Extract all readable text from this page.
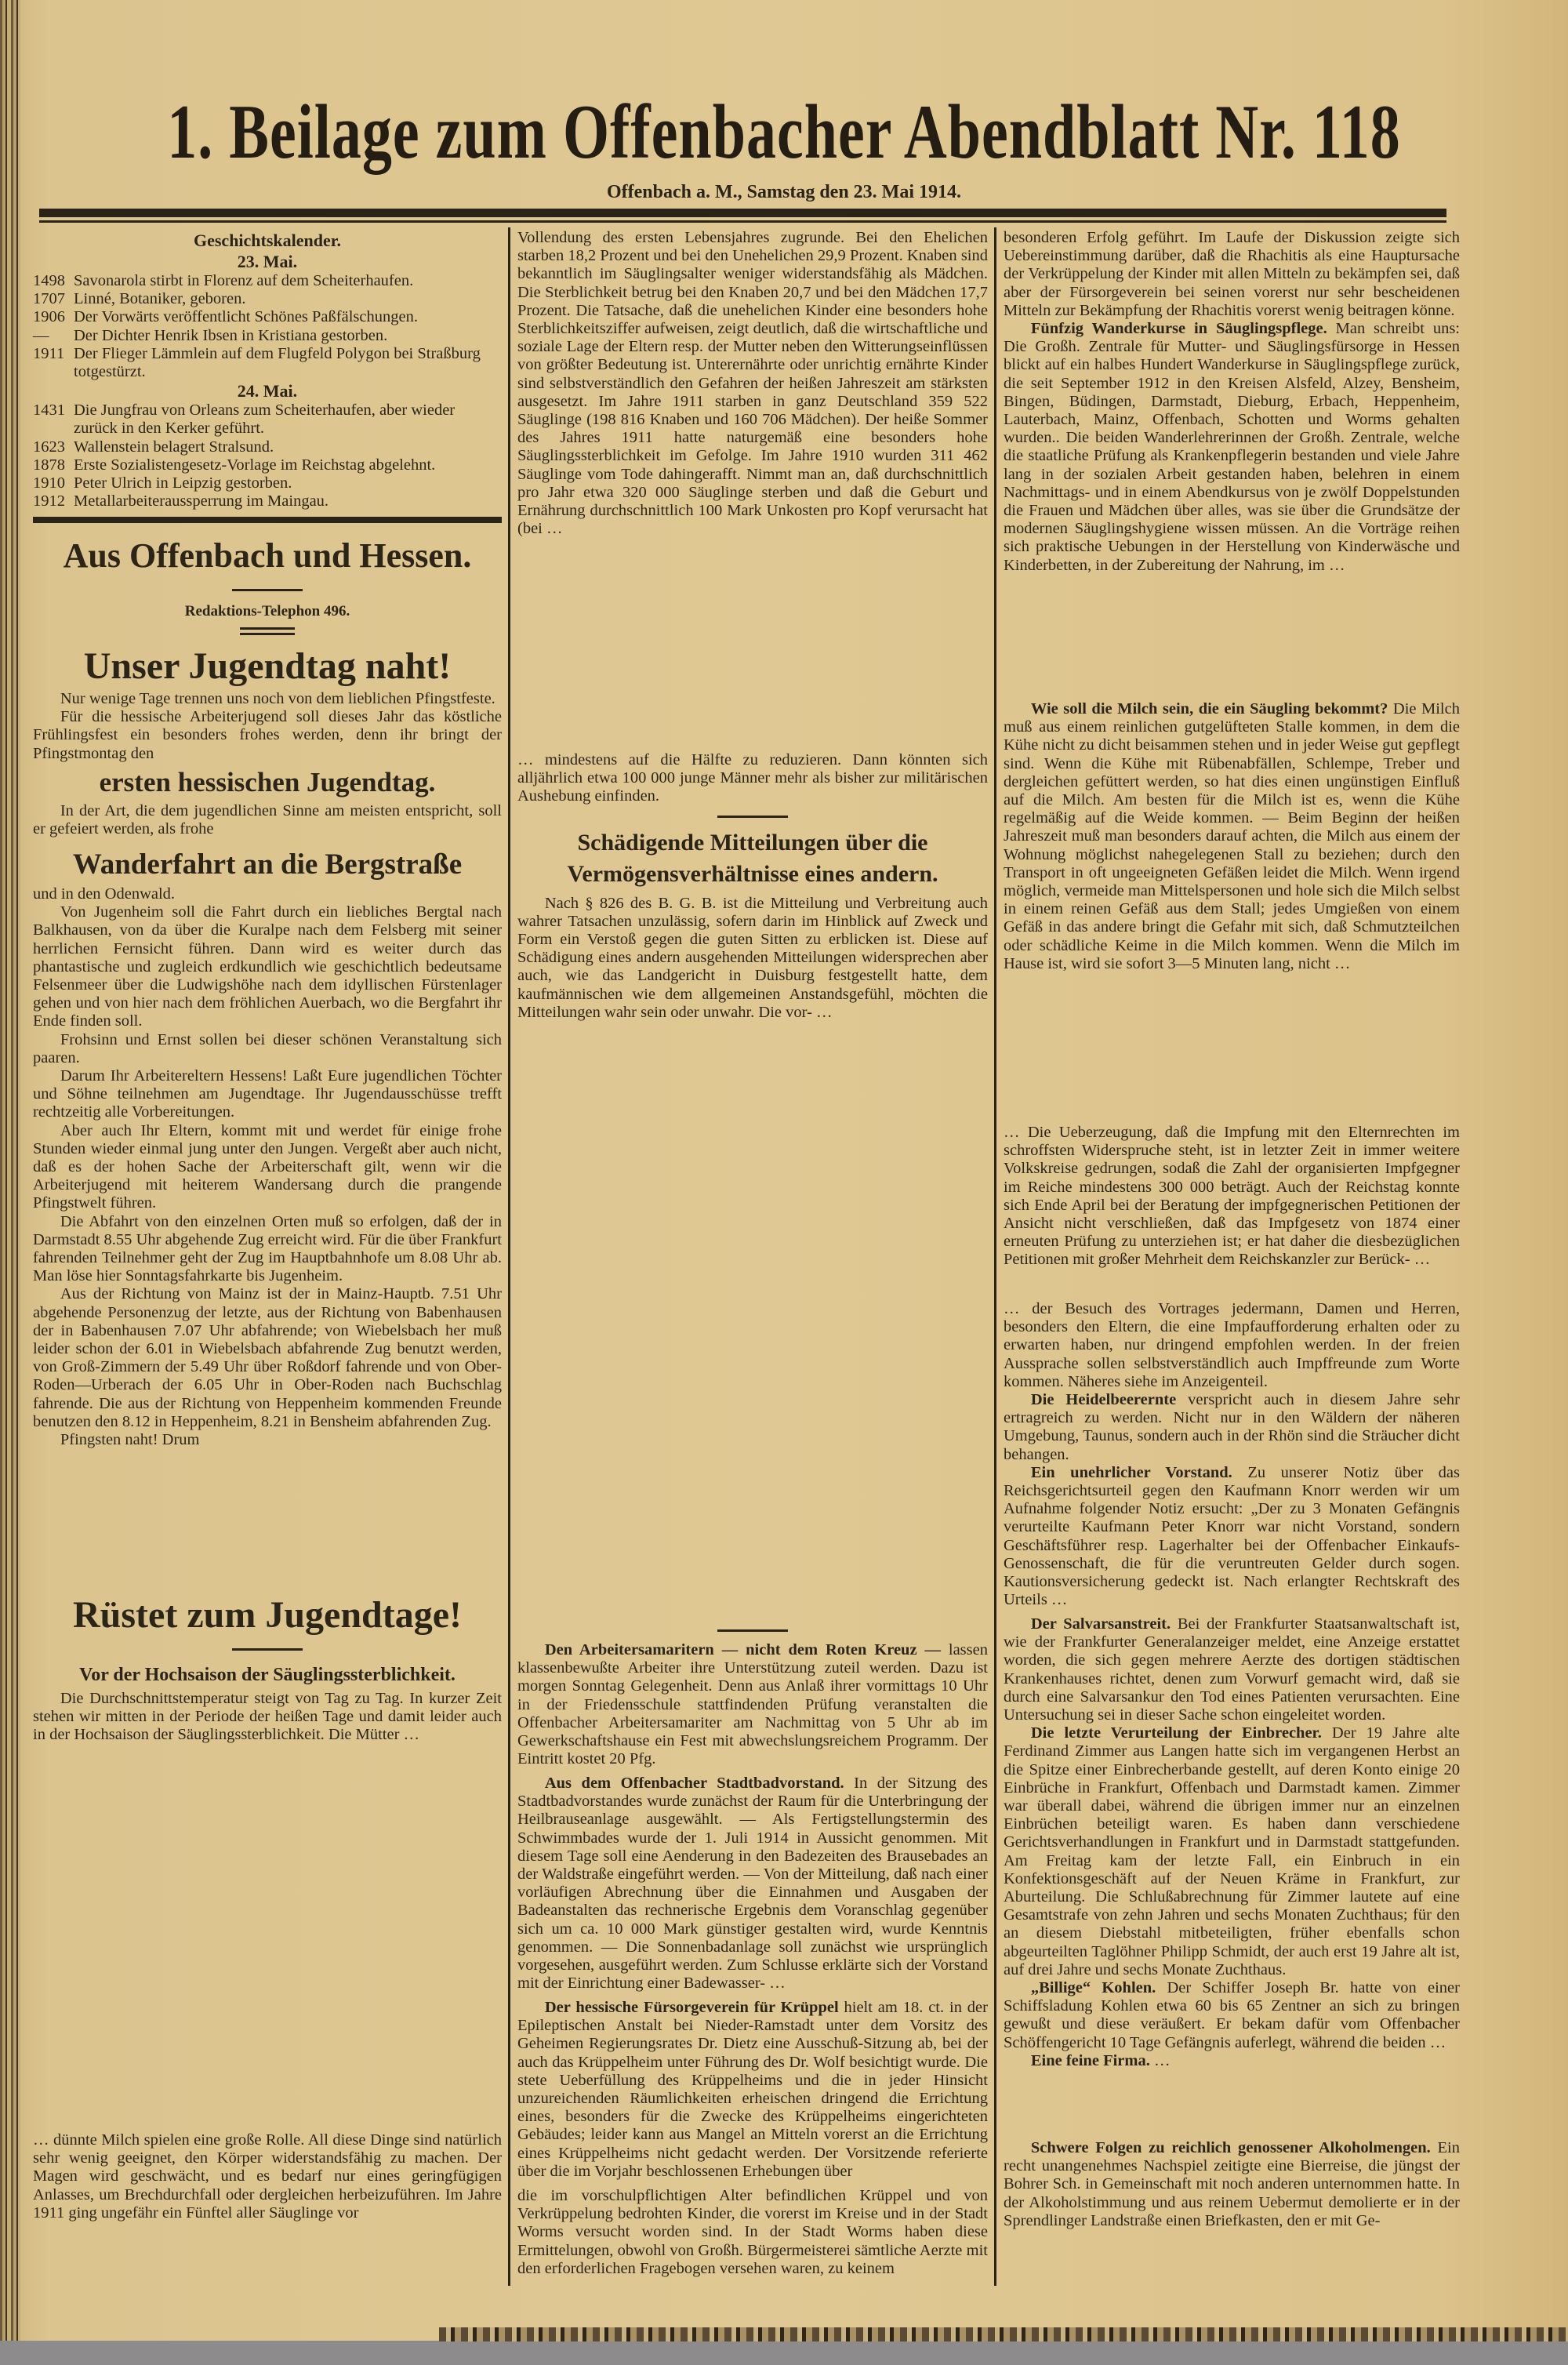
1. Beilage zum Offenbacher Abendblatt Nr. 118
Offenbach a. M., Samstag den 23. Mai 1914.
Geschichtskalender.
23. Mai.
1498 Savonarola stirbt in Florenz auf dem Scheiterhaufen.
1707 Linné, Botaniker, geboren.
1906 Der Vorwärts veröffentlicht Schönes Paßfälschungen.
— Der Dichter Henrik Ibsen in Kristiana gestorben.
1911 Der Flieger Lämmlein auf dem Flugfeld Polygon bei Straßburg totgestürzt.
24. Mai.
1431 Die Jungfrau von Orleans zum Scheiterhaufen, aber wieder zurück in den Kerker geführt.
1623 Wallenstein belagert Stralsund.
1878 Erste Sozialistengesetz-Vorlage im Reichstag abgelehnt.
1910 Peter Ulrich in Leipzig gestorben.
1912 Metallarbeiteraussperrung im Maingau.
Aus Offenbach und Hessen.
Redaktions-Telephon 496.
Unser Jugendtag naht!
Nur wenige Tage trennen uns noch von dem lieblichen Pfingstfeste.
Für die hessische Arbeiterjugend soll dieses Jahr das köstliche Frühlingsfest ein besonders frohes werden, denn ihr bringt der Pfingstmontag den
ersten hessischen Jugendtag.
In der Art, die dem jugendlichen Sinne am meisten entspricht, soll er gefeiert werden, als frohe
Wanderfahrt an die Bergstraße
und in den Odenwald.
Von Jugenheim soll die Fahrt durch ein liebliches Bergtal nach Balkhausen, von da über die Kuralpe nach dem Felsberg mit seiner herrlichen Fernsicht führen. Dann wird es weiter durch das phantastische und zugleich erdkundlich wie geschichtlich bedeutsame Felsenmeer über die Ludwigshöhe nach dem idyllischen Fürstenlager gehen und von hier nach dem fröhlichen Auerbach, wo die Bergfahrt ihr Ende finden soll.
Frohsinn und Ernst sollen bei dieser schönen Veranstaltung sich paaren.
Darum Ihr Arbeitereltern Hessens! Laßt Eure jugendlichen Töchter und Söhne teilnehmen am Jugendtage. Ihr Jugendausschüsse trefft rechtzeitig alle Vorbereitungen.
Aber auch Ihr Eltern, kommt mit und werdet für einige frohe Stunden wieder einmal jung unter den Jungen. Vergeßt aber auch nicht, daß es der hohen Sache der Arbeiterschaft gilt, wenn wir die Arbeiterjugend mit heiterem Wandersang durch die prangende Pfingstwelt führen.
Die Abfahrt von den einzelnen Orten muß so erfolgen, daß der in Darmstadt 8.55 Uhr abgehende Zug erreicht wird. Für die über Frankfurt fahrenden Teilnehmer geht der Zug im Hauptbahnhofe um 8.08 Uhr ab. Man löse hier Sonntagsfahrkarte bis Jugenheim.
Aus der Richtung von Mainz ist der in Mainz-Hauptb. 7.51 Uhr abgehende Personenzug der letzte, aus der Richtung von Babenhausen der in Babenhausen 7.07 Uhr abfahrende; von Wiebelsbach her muß leider schon der 6.01 in Wiebelsbach abfahrende Zug benutzt werden, von Groß-Zimmern der 5.49 Uhr über Roßdorf fahrende und von Ober-Roden—Urberach der 6.05 Uhr in Ober-Roden nach Buchschlag fahrende. Die aus der Richtung von Heppenheim kommenden Freunde benutzen den 8.12 in Heppenheim, 8.21 in Bensheim abfahrenden Zug.
Pfingsten naht! Drum
Rüstet zum Jugendtage!
Vor der Hochsaison der Säuglingssterblichkeit.
Die Durchschnittstemperatur steigt von Tag zu Tag. In kurzer Zeit stehen wir mitten in der Periode der heißen Tage und damit leider auch in der Hochsaison der Säuglingssterblichkeit. Die Mütter …
… dünnte Milch spielen eine große Rolle. All diese Dinge sind natürlich sehr wenig geeignet, den Körper widerstandsfähig zu machen. Der Magen wird geschwächt, und es bedarf nur eines geringfügigen Anlasses, um Brechdurchfall oder dergleichen herbeizuführen. Im Jahre 1911 ging ungefähr ein Fünftel aller Säuglinge vor
Vollendung des ersten Lebensjahres zugrunde. Bei den Ehelichen starben 18,2 Prozent und bei den Unehelichen 29,9 Prozent. Knaben sind bekanntlich im Säuglingsalter weniger widerstandsfähig als Mädchen. Die Sterblichkeit betrug bei den Knaben 20,7 und bei den Mädchen 17,7 Prozent. Die Tatsache, daß die unehelichen Kinder eine besonders hohe Sterblichkeitsziffer aufweisen, zeigt deutlich, daß die wirtschaftliche und soziale Lage der Eltern resp. der Mutter neben den Witterungseinflüssen von größter Bedeutung ist. Unterernährte oder unrichtig ernährte Kinder sind selbstverständlich den Gefahren der heißen Jahreszeit am stärksten ausgesetzt. Im Jahre 1911 starben in ganz Deutschland 359 522 Säuglinge (198 816 Knaben und 160 706 Mädchen). Der heiße Sommer des Jahres 1911 hatte naturgemäß eine besonders hohe Säuglingssterblichkeit im Gefolge. Im Jahre 1910 wurden 311 462 Säuglinge vom Tode dahingerafft. Nimmt man an, daß durchschnittlich pro Jahr etwa 320 000 Säuglinge sterben und daß die Geburt und Ernährung durchschnittlich 100 Mark Unkosten pro Kopf verursacht hat (bei …
… mindestens auf die Hälfte zu reduzieren. Dann könnten sich alljährlich etwa 100 000 junge Männer mehr als bisher zur militärischen Aushebung einfinden.
Schädigende Mitteilungen über die Vermögensverhältnisse eines andern.
Nach § 826 des B. G. B. ist die Mitteilung und Verbreitung auch wahrer Tatsachen unzulässig, sofern darin im Hinblick auf Zweck und Form ein Verstoß gegen die guten Sitten zu erblicken ist. Diese auf Schädigung eines andern ausgehenden Mitteilungen widersprechen aber auch, wie das Landgericht in Duisburg festgestellt hatte, dem kaufmännischen wie dem allgemeinen Anstandsgefühl, möchten die Mitteilungen wahr sein oder unwahr. Die vor- …
Den Arbeitersamaritern — nicht dem Roten Kreuz — lassen klassenbewußte Arbeiter ihre Unterstützung zuteil werden. Dazu ist morgen Sonntag Gelegenheit. Denn aus Anlaß ihrer vormittags 10 Uhr in der Friedensschule stattfindenden Prüfung veranstalten die Offenbacher Arbeitersamariter am Nachmittag von 5 Uhr ab im Gewerkschaftshause ein Fest mit abwechslungsreichem Programm. Der Eintritt kostet 20 Pfg.
Aus dem Offenbacher Stadtbadvorstand. In der Sitzung des Stadtbadvorstandes wurde zunächst der Raum für die Unterbringung der Heilbrauseanlage ausgewählt. — Als Fertigstellungstermin des Schwimmbades wurde der 1. Juli 1914 in Aussicht genommen. Mit diesem Tage soll eine Aenderung in den Badezeiten des Brausebades an der Waldstraße eingeführt werden. — Von der Mitteilung, daß nach einer vorläufigen Abrechnung über die Einnahmen und Ausgaben der Badeanstalten das rechnerische Ergebnis dem Voranschlag gegenüber sich um ca. 10 000 Mark günstiger gestalten wird, wurde Kenntnis genommen. — Die Sonnenbadanlage soll zunächst wie ursprünglich vorgesehen, ausgeführt werden. Zum Schlusse erklärte sich der Vorstand mit der Einrichtung einer Badewasser- …
Der hessische Fürsorgeverein für Krüppel hielt am 18. ct. in der Epileptischen Anstalt bei Nieder-Ramstadt unter dem Vorsitz des Geheimen Regierungsrates Dr. Dietz eine Ausschuß-Sitzung ab, bei der auch das Krüppelheim unter Führung des Dr. Wolf besichtigt wurde. Die stete Ueberfüllung des Krüppelheims und die in jeder Hinsicht unzureichenden Räumlichkeiten erheischen dringend die Errichtung eines, besonders für die Zwecke des Krüppelheims eingerichteten Gebäudes; leider kann aus Mangel an Mitteln vorerst an die Errichtung eines Krüppelheims nicht gedacht werden. Der Vorsitzende referierte über die im Vorjahr beschlossenen Erhebungen über
die im vorschulpflichtigen Alter befindlichen Krüppel und von Verkrüppelung bedrohten Kinder, die vorerst im Kreise und in der Stadt Worms versucht worden sind. In der Stadt Worms haben diese Ermittelungen, obwohl von Großh. Bürgermeisterei sämtliche Aerzte mit den erforderlichen Fragebogen versehen waren, zu keinem
besonderen Erfolg geführt. Im Laufe der Diskussion zeigte sich Uebereinstimmung darüber, daß die Rhachitis als eine Hauptursache der Verkrüppelung der Kinder mit allen Mitteln zu bekämpfen sei, daß aber der Fürsorgeverein bei seinen vorerst nur sehr bescheidenen Mitteln zur Bekämpfung der Rhachitis vorerst wenig beitragen könne.
Fünfzig Wanderkurse in Säuglingspflege. Man schreibt uns: Die Großh. Zentrale für Mutter- und Säuglingsfürsorge in Hessen blickt auf ein halbes Hundert Wanderkurse in Säuglingspflege zurück, die seit September 1912 in den Kreisen Alsfeld, Alzey, Bensheim, Bingen, Büdingen, Darmstadt, Dieburg, Erbach, Heppenheim, Lauterbach, Mainz, Offenbach, Schotten und Worms gehalten wurden.. Die beiden Wanderlehrerinnen der Großh. Zentrale, welche die staatliche Prüfung als Krankenpflegerin bestanden und viele Jahre lang in der sozialen Arbeit gestanden haben, belehren in einem Nachmittags- und in einem Abendkursus von je zwölf Doppelstunden die Frauen und Mädchen über alles, was sie über die Grundsätze der modernen Säuglingshygiene wissen müssen. An die Vorträge reihen sich praktische Uebungen in der Herstellung von Kinderwäsche und Kinderbetten, in der Zubereitung der Nahrung, im …
Wie soll die Milch sein, die ein Säugling bekommt? Die Milch muß aus einem reinlichen gutgelüfteten Stalle kommen, in dem die Kühe nicht zu dicht beisammen stehen und in jeder Weise gut gepflegt sind. Wenn die Kühe mit Rübenabfällen, Schlempe, Treber und dergleichen gefüttert werden, so hat dies einen ungünstigen Einfluß auf die Milch. Am besten für die Milch ist es, wenn die Kühe regelmäßig auf die Weide kommen. — Beim Beginn der heißen Jahreszeit muß man besonders darauf achten, die Milch aus einem der Wohnung möglichst nahegelegenen Stall zu beziehen; durch den Transport in oft ungeeigneten Gefäßen leidet die Milch. Wenn irgend möglich, vermeide man Mittelspersonen und hole sich die Milch selbst in einem reinen Gefäß aus dem Stall; jedes Umgießen von einem Gefäß in das andere bringt die Gefahr mit sich, daß Schmutzteilchen oder schädliche Keime in die Milch kommen. Wenn die Milch im Hause ist, wird sie sofort 3—5 Minuten lang, nicht …
… Die Ueberzeugung, daß die Impfung mit den Elternrechten im schroffsten Widerspruche steht, ist in letzter Zeit in immer weitere Volkskreise gedrungen, sodaß die Zahl der organisierten Impfgegner im Reiche mindestens 300 000 beträgt. Auch der Reichstag konnte sich Ende April bei der Beratung der impfgegnerischen Petitionen der Ansicht nicht verschließen, daß das Impfgesetz von 1874 einer erneuten Prüfung zu unterziehen ist; er hat daher die diesbezüglichen Petitionen mit großer Mehrheit dem Reichskanzler zur Berück- …
… der Besuch des Vortrages jedermann, Damen und Herren, besonders den Eltern, die eine Impfaufforderung erhalten oder zu erwarten haben, nur dringend empfohlen werden. In der freien Aussprache sollen selbstverständlich auch Impffreunde zum Worte kommen. Näheres siehe im Anzeigenteil.
Die Heidelbeerernte verspricht auch in diesem Jahre sehr ertragreich zu werden. Nicht nur in den Wäldern der näheren Umgebung, Taunus, sondern auch in der Rhön sind die Sträucher dicht behangen.
Ein unehrlicher Vorstand. Zu unserer Notiz über das Reichsgerichtsurteil gegen den Kaufmann Knorr werden wir um Aufnahme folgender Notiz ersucht: „Der zu 3 Monaten Gefängnis verurteilte Kaufmann Peter Knorr war nicht Vorstand, sondern Geschäftsführer resp. Lagerhalter bei der Offenbacher Einkaufs-Genossenschaft, die für die veruntreuten Gelder durch sogen. Kautionsversicherung gedeckt ist. Nach erlangter Rechtskraft des Urteils …
Der Salvarsanstreit. Bei der Frankfurter Staatsanwaltschaft ist, wie der Frankfurter Generalanzeiger meldet, eine Anzeige erstattet worden, die sich gegen mehrere Aerzte des dortigen städtischen Krankenhauses richtet, denen zum Vorwurf gemacht wird, daß sie durch eine Salvarsankur den Tod eines Patienten verursachten. Eine Untersuchung sei in dieser Sache schon eingeleitet worden.
Die letzte Verurteilung der Einbrecher. Der 19 Jahre alte Ferdinand Zimmer aus Langen hatte sich im vergangenen Herbst an die Spitze einer Einbrecherbande gestellt, auf deren Konto einige 20 Einbrüche in Frankfurt, Offenbach und Darmstadt kamen. Zimmer war überall dabei, während die übrigen immer nur an einzelnen Einbrüchen beteiligt waren. Es haben dann verschiedene Gerichtsverhandlungen in Frankfurt und in Darmstadt stattgefunden. Am Freitag kam der letzte Fall, ein Einbruch in ein Konfektionsgeschäft auf der Neuen Kräme in Frankfurt, zur Aburteilung. Die Schlußabrechnung für Zimmer lautete auf eine Gesamtstrafe von zehn Jahren und sechs Monaten Zuchthaus; für den an diesem Diebstahl mitbeteiligten, früher ebenfalls schon abgeurteilten Taglöhner Philipp Schmidt, der auch erst 19 Jahre alt ist, auf drei Jahre und sechs Monate Zuchthaus.
„Billige“ Kohlen. Der Schiffer Joseph Br. hatte von einer Schiffsladung Kohlen etwa 60 bis 65 Zentner an sich zu bringen gewußt und diese veräußert. Er bekam dafür vom Offenbacher Schöffengericht 10 Tage Gefängnis auferlegt, während die beiden …
Eine feine Firma. …
Schwere Folgen zu reichlich genossener Alkoholmengen. Ein recht unangenehmes Nachspiel zeitigte eine Bierreise, die jüngst der Bohrer Sch. in Gemeinschaft mit noch anderen unternommen hatte. In der Alkoholstimmung und aus reinem Uebermut demolierte er in der Sprendlinger Landstraße einen Briefkasten, den er mit Ge-
